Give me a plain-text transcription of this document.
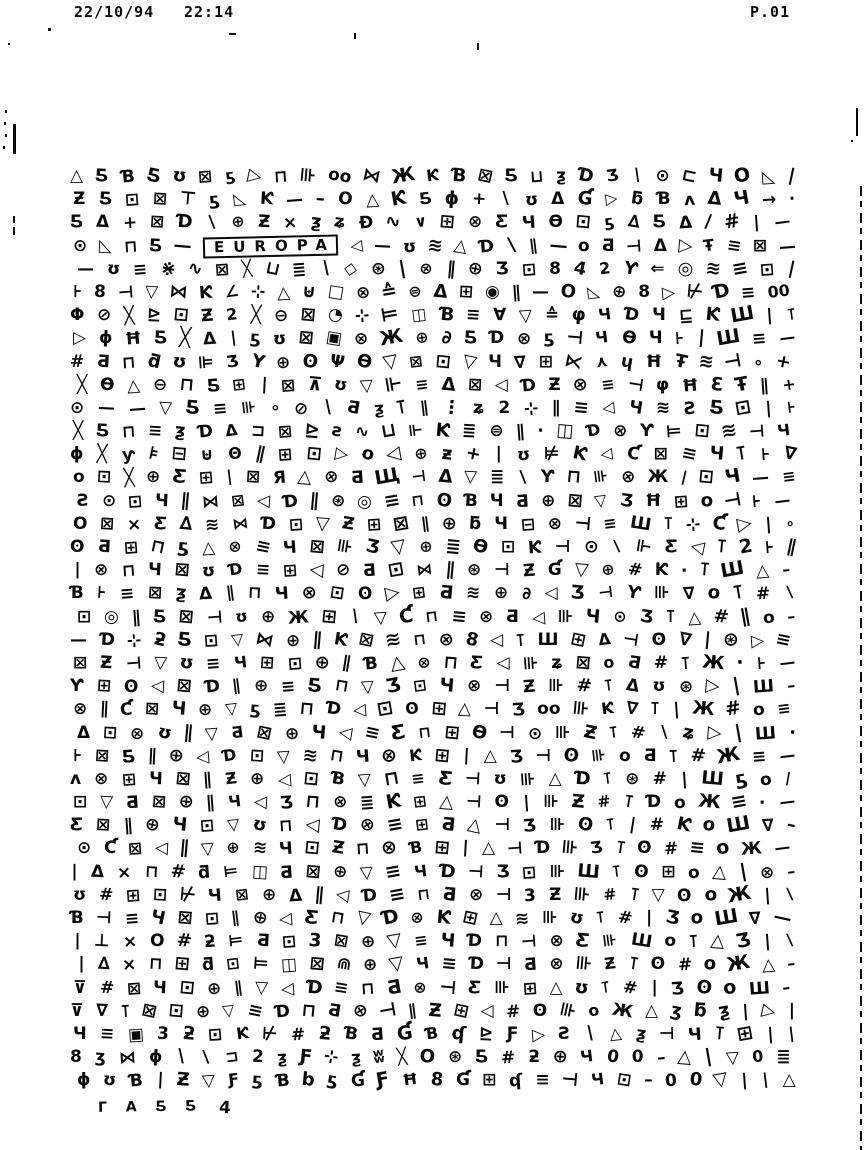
22/10/94 22:14	P.01
△ Ƽ Ɓ Ƽ ʊ ⊠ ƽ ▷ ⊓ ⊪ oo ⋈ Ж Ƙ Ɓ ⊠ Ƽ ⊔ ƺ Ɗ Ʒ ∖ ⊙ ⊏ Ч O ◺ ∣
Ƶ Ƽ ⊡ ⊠ ⊤ ƽ ◺ Ƙ — – O △ Ƙ Ƽ ɸ + ∖ ʊ Δ Ɠ ▷ ƃ Ɓ ʌ Δ Ч → ∙
Ƽ Δ + ⊠ Ɗ ∖ ⊕ Ƶ × ƺ ʑ Ɖ ∿ ∨ ⊞ ⊗ Ƹ Ч Ɵ ⊡ ƽ ∆ Ƽ Δ ∕ # ∣ —
⊙ ◺ ⊓ Ƽ —	EUROPA ◁ — ʊ ≋ △ Ɗ ∖ ∥ — o Ƌ ⊣ Δ ▷ Ŧ ≡ ⊠ —
— ʊ ≡ ⋇ ∿ ⊠ ╳ ⊔ ≣ ∖ ◇ ⊛ ∣ ⊗ ‖ ⊕ Ʒ ⊡ 8 4 2 Ƴ ⇐ ◎ ≋ ≡ ⊡ ∣
⊦ 8 ⊣ ▽ ⋈ Ƙ ∠ ⊹ △ ⊎ □ ⊗ ≙ ⊜ Δ ⊞ ◉ ∥ — O ◺ ⊕ 8 ▷ ⊬ Ɗ ≡ 00
Φ ⊘ ╳ ⊵ ⊡ Ƶ 2 ╳ ⊖ ⊠ ◔ ⊹ ⊨ ◫ Ɓ ≡ ∀ ▽ ≙ φ Ч Ɗ Ч ⊑ Ƙ Ш ∣ ⊺
▷ ɸ Ħ Ƽ ╳ Δ ∣ ƽ ʊ ⊠ ▣ ⊗ Ж ⊕ ∂ Ƽ Ɗ ⊗ ƽ ⊣ Ч Ɵ Ч ⊦ ∣ Ш ≡ —
# Ƌ ⊓ ƌ ʊ ⊫ Ʒ Y ⊕ ʘ Ψ Ɵ ▽ ⊠ ⊡ ▽ Ч ∇ ⊞ ⋉ ⋏ ɥ Ħ Ŧ ≋ ⊣ ∘ +
╳ Ɵ △ ⊖ ⊓ Ƽ ⊞ ∣ ⊠ ⊼ ʊ ▽ ⊩ ≡ Δ ⊠ ◁ Ɗ Ƶ ⊗ ≡ ⊣ φ Ħ Ɛ Ŧ ∥ +
⊙ — — ▽ Ƽ ≡ ⊪ ∘ ⊘ ∖ Ƌ ƺ ⊺ ∥ ⋮ ʑ 2 ⊹ ∥ ≡ ◁ Ч ≋ Ƨ Ƽ ⊡ ∣ ⊦
╳ Ƽ ⊓ ≡ ƺ Ɗ Δ ⊐ ⊠ ⊵ ƨ ∿ ⊔ ⊩ Ƙ ≣ ⊜ ∥ ∙ ◫ Ɗ ⊗ Ƴ ⊨ ⊡ ≋ ⊣ Ч
ɸ ╳ ƴ ⊧ ⊟ ⊎ Θ ∥ ⊞ ⊡ ▷ o ◁ ⊕ ƶ + ∣ ʊ ⊭ Ƙ ◁ Ƈ ⊠ ≡ Ч ⊺ ⊦ ∇
o ⊡ ╳ ⊕ Ƹ ⊞ ∣ ⊠ Я △ ⊗ Ƌ Щ ⊣ Δ ▽ ≣ ∖ Ƴ ⊓ ⊪ ⊗ Ж ∕ ⊡ Ч — ≡
Ƨ ⊙ ⊡ Ч ∥ ⋈ ⊠ ◁ Ɗ ∥ ⊛ ◎ ≡ ⊓ ʘ Ɓ Ч Ƌ ⊕ ⊠ ▽ Ʒ Ħ ⊞ o ⊣ ⊦ —
O ⊠ × Ƹ ∆ ≋ ⋈ Ɗ ⊡ ▽ Ƶ ⊞ ⊠ ∥ ⊕ ƃ Ч ⊟ ⊗ ⊣ ≡ Ш ⊺ ⊹ Ƈ ▷ ∣ ∘
ʘ Ƌ ⊞ ⊓ ƽ △ ⊗ ≡ Ч ⊠ ⊪ Ʒ ▽ ⊕ ≣ Ɵ ⊡ Ƙ ⊣ ⊙ ∖ ⊩ Ƹ ◁ ⊺ 2 ⊦ ∥
∣ ⊗ ⊓ Ч ⊠ ʊ Ɗ ≡ ⊞ ◁ ⊘ Ƌ ⊡ ⋈ ∥ ⊛ ⊣ Ƶ Ɠ ▽ ⊕ # Ƙ ∙ ⊺ Ш △ –
Ɓ ⊦ ≡ ⊠ ƺ Δ ∥ ⊓ Ч ⊗ ⊡ ʘ ▷ ⊞ Ƌ ≋ ⊕ ∂ ◁ Ʒ ⊣ Ƴ ⊪ ∇ o ⊺ # ∖
⊡ ◎ ∥ Ƽ ⊠ ⊣ ʊ ⊕ Ж ⊞ ∖ ▽ Ƈ ⊓ ≡ ⊗ Ƌ ◁ ⊪ Ч ⊙ Ʒ ⊺ △ # ∥ o –
— Ɗ ⊹ ƻ Ƽ ⊡ ▽ ⋈ ⊕ ∥ Ƙ ⊠ ≋ ⊓ ⊗ 8 ◁ ⊺ Ш ⊞ Δ ⊣ ʘ ∇ ∣ ⊛ ▷ ≡
⊠ Ƶ ⊣ ▽ ʊ ≡ Ч ⊞ ⊡ ⊕ ∥ Ɓ △ ⊗ ⊓ Ƹ ◁ ⊪ ʑ ⊠ o Ƌ # ⊺ Ж ∙ ⊦ —
Ƴ ⊞ ʘ ◁ ⊠ Ɗ ∥ ⊕ ≡ Ƽ ⊓ ▽ Ʒ ⊡ Ч ⊗ ⊣ Ƶ ⊪ # ⊺ Δ ʊ ⊛ ▷ ∣ Ш –
⊗ ∥ Ƈ ⊠ Ч ⊕ ▽ ƽ ≣ ⊓ Ɗ ◁ ⊡ ʘ ⊞ △ ⊣ Ʒ oo ⊪ Ƙ ∇ ⊺ ∣ Ж # o ≡
Δ ⊡ ⊗ ʊ ∥ ▽ Ƌ ⊠ ⊕ Ч ◁ ≡ Ƹ ⊓ ⊞ Ɵ ⊣ ⊙ ⊪ Ƶ ⊺ # ∖ ʑ ▷ ∣ Ш ∙
⊦ ⊠ Ƽ ∥ ⊕ ◁ Ɗ ⊡ ▽ ≋ ⊓ Ч ⊗ Ƙ ⊞ ∣ △ Ʒ ⊣ ʘ ⊪ o Ƌ ⊺ # Ж ≡ —
ʌ ⊗ ⊞ Ч ⊠ ∥ Ƶ ⊕ ◁ ⊡ Ɓ ▽ ⊓ ≡ Ƹ ⊣ ʊ ⊪ △ Ɗ ⊺ ⊛ # ∣ Ш ƽ o ∕
⊡ ▽ Ƌ ⊠ ⊕ ∥ Ч ◁ Ʒ ⊓ ⊗ ≣ Ƙ ⊞ △ ⊣ ʘ ∣ ⊪ Ƶ # ⊺ Ɗ o Ж ≡ ∙ —
Ƹ ⊠ ∥ ⊕ Ч ⊡ ▽ ʊ ⊓ ◁ Ɗ ⊗ ≡ ⊞ Ƌ △ ⊣ Ʒ ⊪ ʘ ⊺ ∣ # Ƙ o Ш ∇ –
⊙ Ƈ ⊠ ◁ ∥ ▽ ⊕ ≋ Ч ⊡ Ƶ ⊓ ⊗ Ɓ ⊞ ∣ △ ⊣ Ɗ ⊪ Ʒ ⊺ ʘ # ≡ o Ж —
∣ Δ × ⊓ # ƌ ⊨ ◫ Ƌ ⊠ ⊕ ▽ ≡ Ч Ɗ ⊣ Ʒ ⊡ ⊪ Ш ⊺ ʘ ⊞ o △ ∣ ⊗ –
ʊ # ⊞ ⊡ ⊬ Ч ⊠ ⊕ Δ ∥ ◁ Ɗ ≡ ⊓ Ƌ ⊗ ⊣ 3 Ƶ ⊪ # ⊺ ▽ ʘ o Ж ∣ ∖
Ɓ ⊣ ≡ Ч ⊠ ⊡ ∥ ⊕ ◁ Ƹ ⊓ ▽ Ɗ ⊗ Ƙ ⊞ △ ≋ ⊪ ʊ ⊺ # ∣ Ʒ o Ш ∇ —
∣ ⊥ × O # ƻ ⊨ Ƌ ⊡ 3 ⊠ ⊕ ▽ ≡ Ч Ɗ ⊓ ⊣ ⊗ Ƹ ⊪ Ш o ⊺ △ Ʒ ∣ ∖
∣ ∆ × ⊓ ⊞ ƌ ⊡ ⊨ ◫ ⊠ ⋒ ⊕ ▽ Ч ≡ Ɗ ⊣ Ƌ ⊗ ⊪ Ƶ ⊺ ʘ # o Ж △ –
⊽ # ⊠ Ч ⊡ ⊕ ∥ ▽ ◁ Ɗ ≡ ⊓ Ƌ ⊗ ⊣ Ƹ ⊪ ⊞ △ ʊ ⊺ # ∣ Ʒ ʘ o Ш –
⊽ ∇ ⊺ ⊠ ⊡ ⊕ ▽ ≡ Ɗ ⊓ Ƌ ⊗ ⊣ ∥ Ƶ ⊞ ◁ # ʘ ⊪ o Ж △ ʒ ƃ ƺ ∣ ▷ ∣
Ч ≡ ▣ 3 ƻ ⊡ Ƙ ⊬ # ƻ Ɓ Ƌ Ɠ Ɓ ʠ ⊵ Ƒ ▷ Ƨ ∖ △ ƺ ⊣ Ч ⊺ ⊞ ∣ ∣
8 ʒ ⋈ ɸ ∖ ∖ ⊐ 2 ƺ Ƒ ⊹ ƺ ʬ ╳ O ⊛ Ƽ # ƻ ⊕ Ч 0 0 – △ ∣ ▽ 0 ≣
ɸ ʊ Ɓ ∣ Ƶ ▽ Ƒ ƽ Ɓ b ƽ Ɠ Ƒ Ħ 8 Ɠ ⊞ ʠ ≡ ⊣ Ч ⊡ – 0 0 ▽ ∣ ∣ △
Γ A Ƽ Ƽ 4
